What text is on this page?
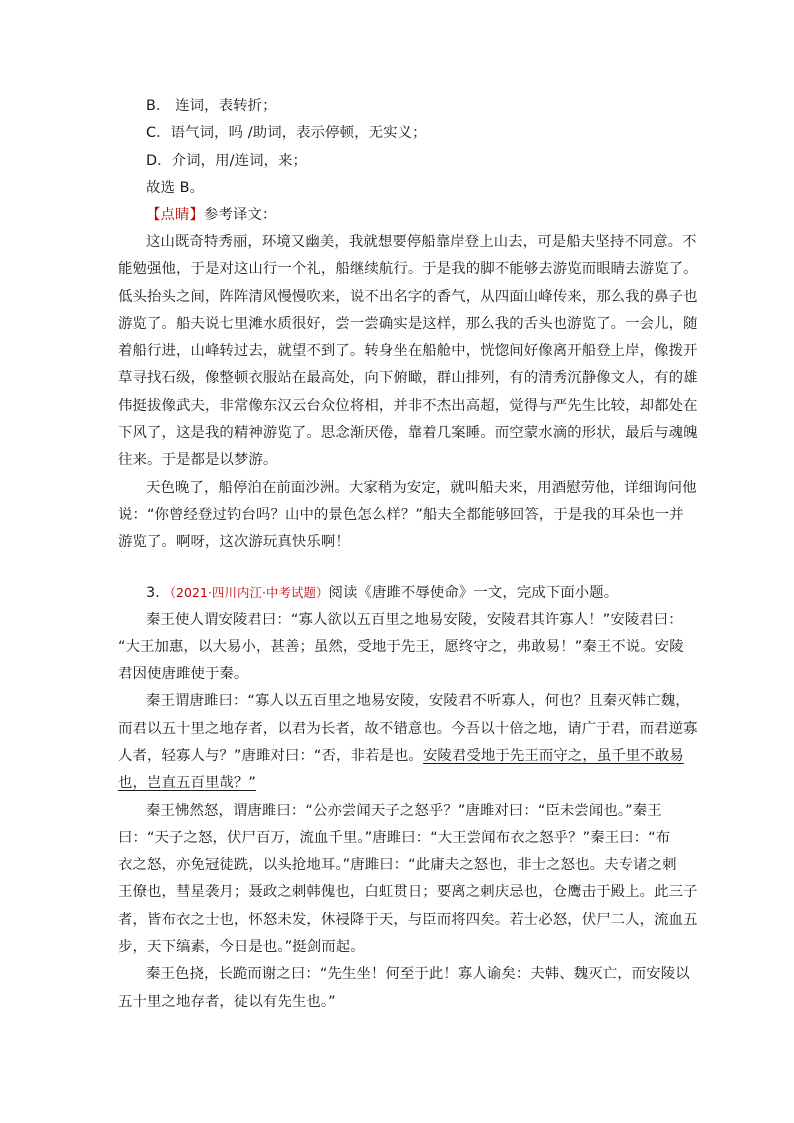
B． 连词，表转折；
C．语气词，吗 /助词，表示停顿，无实义；
D．介词，用/连词，来；
故选 B。
【点睛】参考译文：
这山既奇特秀丽，环境又幽美，我就想要停船靠岸登上山去，可是船夫坚持不同意。不
能勉强他，于是对这山行一个礼，船继续航行。于是我的脚不能够去游览而眼睛去游览了。
低头抬头之间，阵阵清风慢慢吹来，说不出名字的香气，从四面山峰传来，那么我的鼻子也
游览了。船夫说七里滩水质很好，尝一尝确实是这样，那么我的舌头也游览了。一会儿，随
着船行进，山峰转过去，就望不到了。转身坐在船舱中，恍惚间好像离开船登上岸，像拨开
草寻找石级，像整顿衣服站在最高处，向下俯瞰，群山排列，有的清秀沉静像文人，有的雄
伟挺拔像武夫，非常像东汉云台众位将相，并非不杰出高超，觉得与严先生比较，却都处在
下风了，这是我的精神游览了。思念渐厌倦，靠着几案睡。而空蒙水滴的形状，最后与魂魄
往来。于是都是以梦游。
天色晚了，船停泊在前面沙洲。大家稍为安定，就叫船夫来，用酒慰劳他，详细询问他
说：“你曾经登过钓台吗？山中的景色怎么样？”船夫全都能够回答，于是我的耳朵也一并
游览了。啊呀，这次游玩真快乐啊！
3．（2021·四川内江·中考试题）阅读《唐雎不辱使命》一文，完成下面小题。
秦王使人谓安陵君曰：“寡人欲以五百里之地易安陵，安陵君其许寡人！”安陵君曰：
“大王加惠，以大易小，甚善；虽然，受地于先王，愿终守之，弗敢易！”秦王不说。安陵
君因使唐雎使于秦。
秦王谓唐雎曰：“寡人以五百里之地易安陵，安陵君不听寡人，何也？且秦灭韩亡魏，
而君以五十里之地存者，以君为长者，故不错意也。今吾以十倍之地，请广于君，而君逆寡
人者，轻寡人与？”唐雎对曰：“否，非若是也。安陵君受地于先王而守之，虽千里不敢易
也，岂直五百里哉？”
秦王怫然怒，谓唐雎曰：“公亦尝闻天子之怒乎？”唐雎对曰：“臣未尝闻也。”秦王
曰：“天子之怒，伏尸百万，流血千里。”唐雎曰：“大王尝闻布衣之怒乎？”秦王曰：“布
衣之怒，亦免冠徒跣，以头抢地耳。”唐雎曰：“此庸夫之怒也，非士之怒也。夫专诸之刺
王僚也，彗星袭月；聂政之刺韩傀也，白虹贯日；要离之刺庆忌也，仓鹰击于殿上。此三子
者，皆布衣之士也，怀怒未发，休祲降于天，与臣而将四矣。若士必怒，伏尸二人，流血五
步，天下缟素，今日是也。”挺剑而起。
秦王色挠，长跪而谢之曰：“先生坐！何至于此！寡人谕矣：夫韩、魏灭亡，而安陵以
五十里之地存者，徒以有先生也。”
